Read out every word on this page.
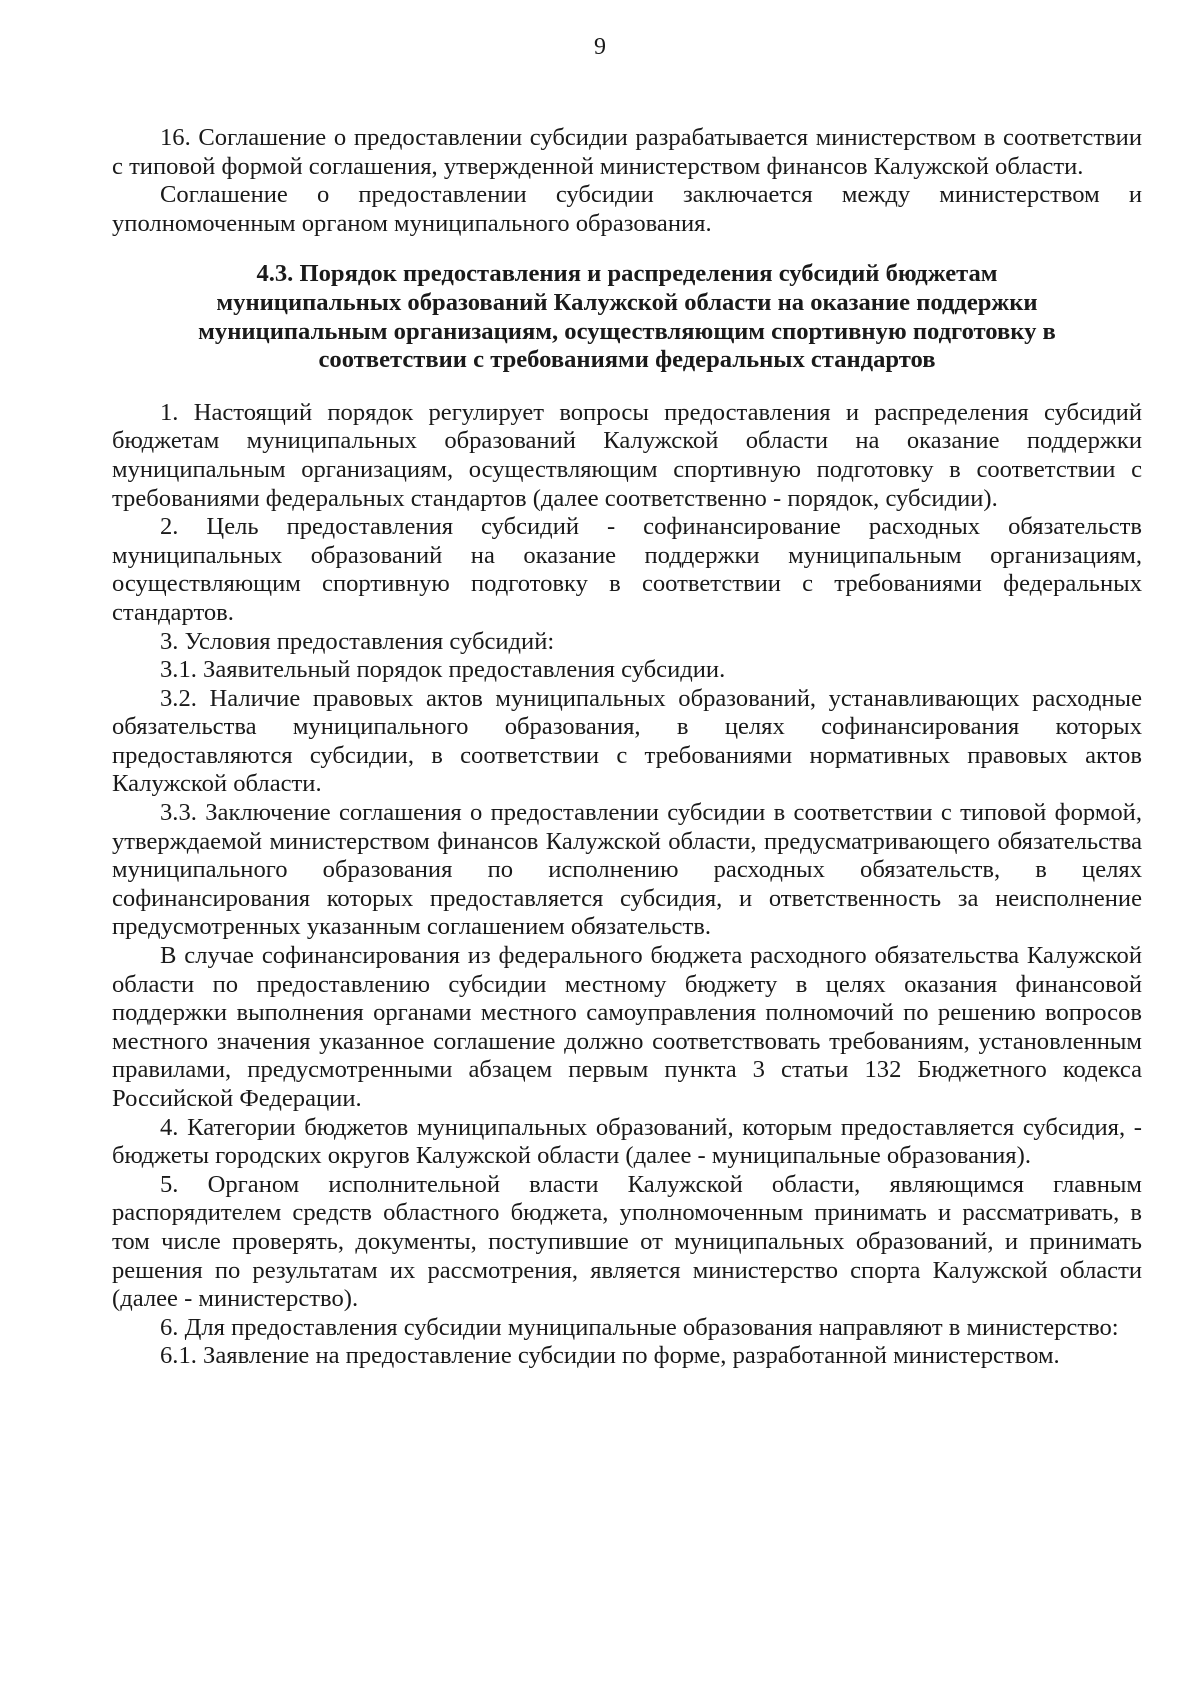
9

16. Соглашение о предоставлении субсидии разрабатывается министерством в соответствии с типовой формой соглашения, утвержденной министерством финансов Калужской области.

Соглашение о предоставлении субсидии заключается между министерством и уполномоченным органом муниципального образования.

4.3. Порядок предоставления и распределения субсидий бюджетам
муниципальных образований Калужской области на оказание поддержки
муниципальным организациям, осуществляющим спортивную подготовку в
соответствии с требованиями федеральных стандартов

1. Настоящий порядок регулирует вопросы предоставления и распределения субсидий бюджетам муниципальных образований Калужской области на оказание поддержки муниципальным организациям, осуществляющим спортивную подготовку в соответствии с требованиями федеральных стандартов (далее соответственно - порядок, субсидии).

2. Цель предоставления субсидий - софинансирование расходных обязательств муниципальных образований на оказание поддержки муниципальным организациям, осуществляющим спортивную подготовку в соответствии с требованиями федеральных стандартов.

3. Условия предоставления субсидий:

3.1. Заявительный порядок предоставления субсидии.

3.2. Наличие правовых актов муниципальных образований, устанавливающих расходные обязательства муниципального образования, в целях софинансирования которых предоставляются субсидии, в соответствии с требованиями нормативных правовых актов Калужской области.

3.3. Заключение соглашения о предоставлении субсидии в соответствии с типовой формой, утверждаемой министерством финансов Калужской области, предусматривающего обязательства муниципального образования по исполнению расходных обязательств, в целях софинансирования которых предоставляется субсидия, и ответственность за неисполнение предусмотренных указанным соглашением обязательств.

В случае софинансирования из федерального бюджета расходного обязательства Калужской области по предоставлению субсидии местному бюджету в целях оказания финансовой поддержки выполнения органами местного самоуправления полномочий по решению вопросов местного значения указанное соглашение должно соответствовать требованиям, установленным правилами, предусмотренными абзацем первым пункта 3 статьи 132 Бюджетного кодекса Российской Федерации.

4. Категории бюджетов муниципальных образований, которым предоставляется субсидия, - бюджеты городских округов Калужской области (далее - муниципальные образования).

5. Органом исполнительной власти Калужской области, являющимся главным распорядителем средств областного бюджета, уполномоченным принимать и рассматривать, в том числе проверять, документы, поступившие от муниципальных образований, и принимать решения по результатам их рассмотрения, является министерство спорта Калужской области (далее - министерство).

6. Для предоставления субсидии муниципальные образования направляют в министерство:

6.1. Заявление на предоставление субсидии по форме, разработанной министерством.
